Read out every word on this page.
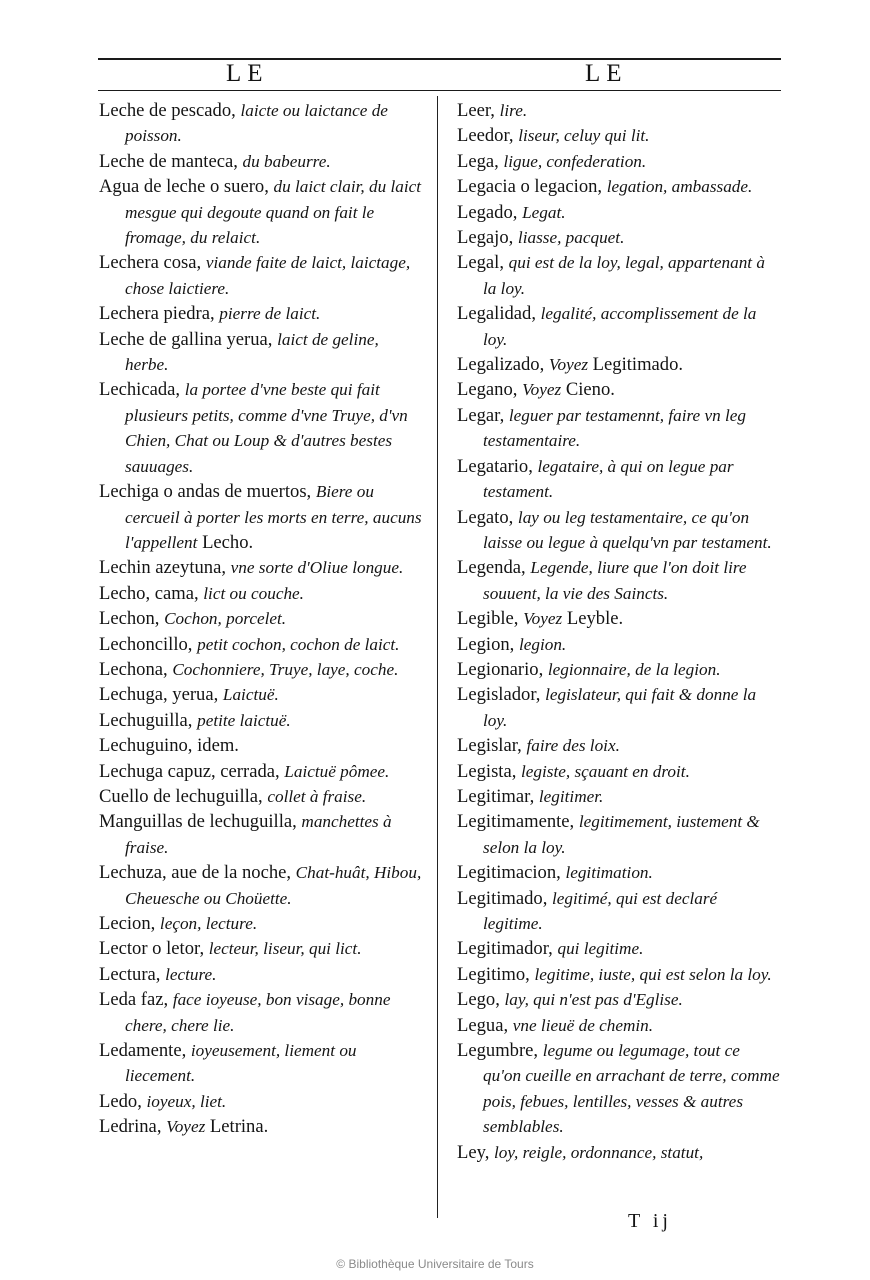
LE	LE

Leche de pescado, laicte ou laictance de poisson.

Leche de manteca, du babeurre.

Agua de leche o suero, du laict clair, du laict mesgue qui degoute quand on fait le fromage, du relaict.

Lechera cosa, viande faite de laict, laictage, chose laictiere.

Lechera piedra, pierre de laict.

Leche de gallina yerua, laict de geline, herbe.

Lechicada, la portee d'vne beste qui fait plusieurs petits, comme d'vne Truye, d'vn Chien, Chat ou Loup & d'autres bestes sauuages.

Lechiga o andas de muertos, Biere ou cercueil à porter les morts en terre, aucuns l'appellent Lecho.

Lechin azeytuna, vne sorte d'Oliue longue.

Lecho, cama, lict ou couche.

Lechon, Cochon, porcelet.

Lechoncillo, petit cochon, cochon de laict.

Lechona, Cochonniere, Truye, laye, coche.

Lechuga, yerua, Laictuë.

Lechuguilla, petite laictuë.

Lechuguino, idem.

Lechuga capuz, cerrada, Laictuë pômee.

Cuello de lechuguilla, collet à fraise.

Manguillas de lechuguilla, manchettes à fraise.

Lechuza, aue de la noche, Chat-huât, Hibou, Cheuesche ou Choüette.

Lecion, leçon, lecture.

Lector o letor, lecteur, liseur, qui lict.

Lectura, lecture.

Leda faz, face ioyeuse, bon visage, bonne chere, chere lie.

Ledamente, ioyeusement, liement ou liecement.

Ledo, ioyeux, liet.

Ledrina, Voyez Letrina.

Leer, lire.

Leedor, liseur, celuy qui lit.

Lega, ligue, confederation.

Legacia o legacion, legation, ambassade.

Legado, Legat.

Legajo, liasse, pacquet.

Legal, qui est de la loy, legal, appartenant à la loy.

Legalidad, legalité, accomplissement de la loy.

Legalizado, Voyez Legitimado.

Legano, Voyez Cieno.

Legar, leguer par testamennt, faire vn leg testamentaire.

Legatario, legataire, à qui on legue par testament.

Legato, lay ou leg testamentaire, ce qu'on laisse ou legue à quelqu'vn par testament.

Legenda, Legende, liure que l'on doit lire souuent, la vie des Saincts.

Legible, Voyez Leyble.

Legion, legion.

Legionario, legionnaire, de la legion.

Legislador, legislateur, qui fait & donne la loy.

Legislar, faire des loix.

Legista, legiste, sçauant en droit.

Legitimar, legitimer.

Legitimamente, legitimement, iustement & selon la loy.

Legitimacion, legitimation.

Legitimado, legitimé, qui est declaré legitime.

Legitimador, qui legitime.

Legitimo, legitime, iuste, qui est selon la loy.

Lego, lay, qui n'est pas d'Eglise.

Legua, vne lieuë de chemin.

Legumbre, legume ou legumage, tout ce qu'on cueille en arrachant de terre, comme pois, febues, lentilles, vesses & autres semblables.

Ley, loy, reigle, ordonnance, statut,

T ij
© Bibliothèque Universitaire de Tours
